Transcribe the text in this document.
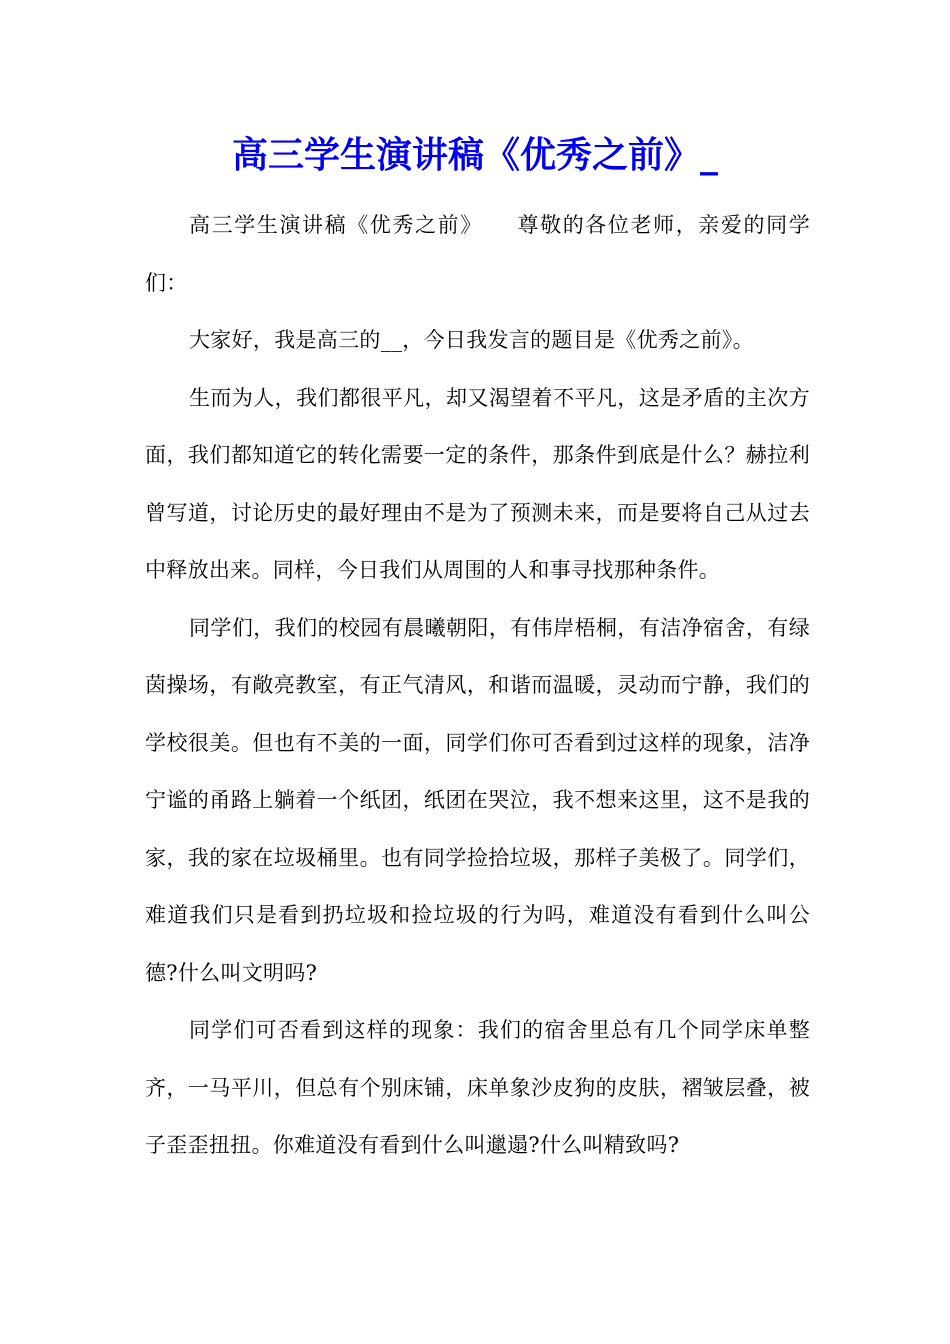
高三学生演讲稿《优秀之前》_

高三学生演讲稿《优秀之前》　　尊敬的各位老师，亲爱的同学们：

大家好，我是高三的__，今日我发言的题目是《优秀之前》。

生而为人，我们都很平凡，却又渴望着不平凡，这是矛盾的主次方面，我们都知道它的转化需要一定的条件，那条件到底是什么？赫拉利曾写道，讨论历史的最好理由不是为了预测未来，而是要将自己从过去中释放出来。同样，今日我们从周围的人和事寻找那种条件。

同学们，我们的校园有晨曦朝阳，有伟岸梧桐，有洁净宿舍，有绿茵操场，有敞亮教室，有正气清风，和谐而温暖，灵动而宁静，我们的学校很美。但也有不美的一面，同学们你可否看到过这样的现象，洁净宁谧的甬路上躺着一个纸团，纸团在哭泣，我不想来这里，这不是我的家，我的家在垃圾桶里。也有同学捡拾垃圾，那样子美极了。同学们，难道我们只是看到扔垃圾和捡垃圾的行为吗，难道没有看到什么叫公德?什么叫文明吗?

同学们可否看到这样的现象：我们的宿舍里总有几个同学床单整齐，一马平川，但总有个别床铺，床单象沙皮狗的皮肤，褶皱层叠，被子歪歪扭扭。你难道没有看到什么叫邋遢?什么叫精致吗?
